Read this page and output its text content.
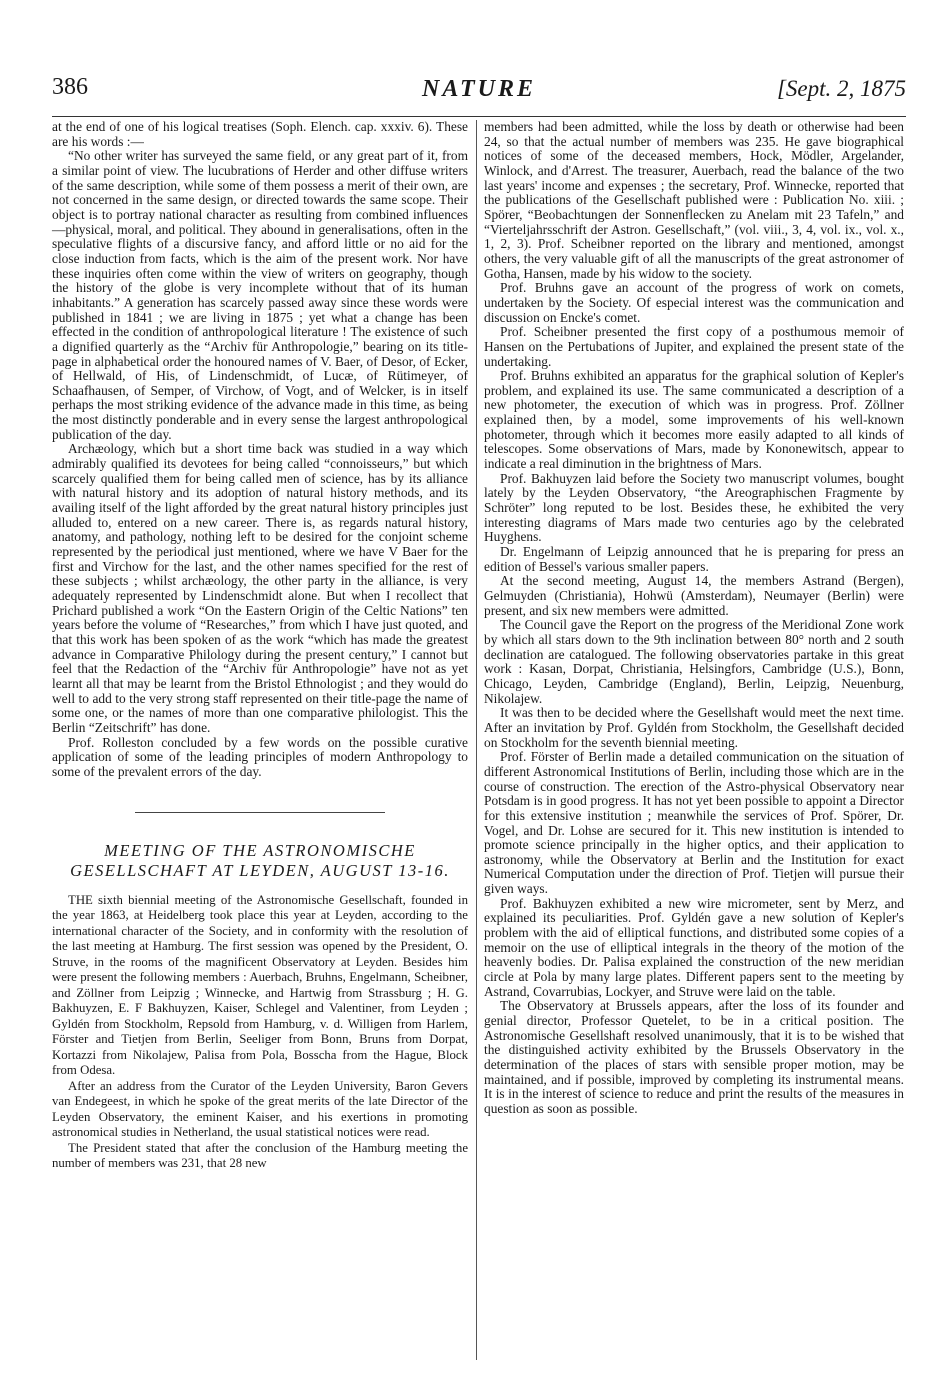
386	NATURE	[Sept. 2, 1875

at the end of one of his logical treatises (Soph. Elench. cap. xxxiv. 6). These are his words :—

“No other writer has surveyed the same field, or any great part of it, from a similar point of view. The lucubrations of Herder and other diffuse writers of the same description, while some of them possess a merit of their own, are not concerned in the same design, or directed towards the same scope. Their object is to portray national character as resulting from combined influences—physical, moral, and political. They abound in generalisations, often in the speculative flights of a discursive fancy, and afford little or no aid for the close induction from facts, which is the aim of the present work. Nor have these inquiries often come within the view of writers on geography, though the history of the globe is very incomplete without that of its human inhabitants.” A generation has scarcely passed away since these words were published in 1841 ; we are living in 1875 ; yet what a change has been effected in the condition of anthropological literature ! The existence of such a dignified quarterly as the “Archiv für Anthropologie,” bearing on its title-page in alphabetical order the honoured names of V. Baer, of Desor, of Ecker, of Hellwald, of His, of Lindenschmidt, of Lucæ, of Rütimeyer, of Schaafhausen, of Semper, of Virchow, of Vogt, and of Welcker, is in itself perhaps the most striking evidence of the advance made in this time, as being the most distinctly ponderable and in every sense the largest anthropological publication of the day.

Archæology, which but a short time back was studied in a way which admirably qualified its devotees for being called “connoisseurs,” but which scarcely qualified them for being called men of science, has by its alliance with natural history and its adoption of natural history methods, and its availing itself of the light afforded by the great natural history principles just alluded to, entered on a new career. There is, as regards natural history, anatomy, and pathology, nothing left to be desired for the conjoint scheme represented by the periodical just mentioned, where we have V Baer for the first and Virchow for the last, and the other names specified for the rest of these subjects ; whilst archæology, the other party in the alliance, is very adequately represented by Lindenschmidt alone. But when I recollect that Prichard published a work “On the Eastern Origin of the Celtic Nations” ten years before the volume of “Researches,” from which I have just quoted, and that this work has been spoken of as the work “which has made the greatest advance in Comparative Philology during the present century,” I cannot but feel that the Redaction of the “Archiv für Anthropologie” have not as yet learnt all that may be learnt from the Bristol Ethnologist ; and they would do well to add to the very strong staff represented on their title-page the name of some one, or the names of more than one comparative philologist. This the Berlin “Zeitschrift” has done.

Prof. Rolleston concluded by a few words on the possible curative application of some of the leading principles of modern Anthropology to some of the prevalent errors of the day.

MEETING OF THE ASTRONOMISCHE GESELLSCHAFT AT LEYDEN, AUGUST 13-16.

THE sixth biennial meeting of the Astronomische Gesellschaft, founded in the year 1863, at Heidelberg took place this year at Leyden, according to the international character of the Society, and in conformity with the resolution of the last meeting at Hamburg. The first session was opened by the President, O. Struve, in the rooms of the magnificent Observatory at Leyden. Besides him were present the following members : Auerbach, Bruhns, Engelmann, Scheibner, and Zöllner from Leipzig ; Winnecke, and Hartwig from Strassburg ; H. G. Bakhuyzen, E. F Bakhuyzen, Kaiser, Schlegel and Valentiner, from Leyden ; Gyldén from Stockholm, Repsold from Hamburg, v. d. Willigen from Harlem, Förster and Tietjen from Berlin, Seeliger from Bonn, Bruns from Dorpat, Kortazzi from Nikolajew, Palisa from Pola, Bosscha from the Hague, Block from Odesa.

After an address from the Curator of the Leyden University, Baron Gevers van Endegeest, in which he spoke of the great merits of the late Director of the Leyden Observatory, the eminent Kaiser, and his exertions in promoting astronomical studies in Netherland, the usual statistical notices were read.

The President stated that after the conclusion of the Hamburg meeting the number of members was 231, that 28 new

members had been admitted, while the loss by death or otherwise had been 24, so that the actual number of members was 235. He gave biographical notices of some of the deceased members, Hock, Mödler, Argelander, Winlock, and d'Arrest. The treasurer, Auerbach, read the balance of the two last years' income and expenses ; the secretary, Prof. Winnecke, reported that the publications of the Gesellschaft published were : Publication No. xiii. ; Spörer, “Beobachtungen der Sonnenflecken zu Anelam mit 23 Tafeln,” and “Vierteljahrsschrift der Astron. Gesellschaft,” (vol. viii., 3, 4, vol. ix., vol. x., 1, 2, 3). Prof. Scheibner reported on the library and mentioned, amongst others, the very valuable gift of all the manuscripts of the great astronomer of Gotha, Hansen, made by his widow to the society.

Prof. Bruhns gave an account of the progress of work on comets, undertaken by the Society. Of especial interest was the communication and discussion on Encke's comet.

Prof. Scheibner presented the first copy of a posthumous memoir of Hansen on the Pertubations of Jupiter, and explained the present state of the undertaking.

Prof. Bruhns exhibited an apparatus for the graphical solution of Kepler's problem, and explained its use. The same communicated a description of a new photometer, the execution of which was in progress. Prof. Zöllner explained then, by a model, some improvements of his well-known photometer, through which it becomes more easily adapted to all kinds of telescopes. Some observations of Mars, made by Kononewitsch, appear to indicate a real diminution in the brightness of Mars.

Prof. Bakhuyzen laid before the Society two manuscript volumes, bought lately by the Leyden Observatory, “the Areographischen Fragmente by Schröter” long reputed to be lost. Besides these, he exhibited the very interesting diagrams of Mars made two centuries ago by the celebrated Huyghens.

Dr. Engelmann of Leipzig announced that he is preparing for press an edition of Bessel's various smaller papers.

At the second meeting, August 14, the members Astrand (Bergen), Gelmuyden (Christiania), Hohwü (Amsterdam), Neumayer (Berlin) were present, and six new members were admitted.

The Council gave the Report on the progress of the Meridional Zone work by which all stars down to the 9th inclination between 80° north and 2 south declination are catalogued. The following observatories partake in this great work : Kasan, Dorpat, Christiania, Helsingfors, Cambridge (U.S.), Bonn, Chicago, Leyden, Cambridge (England), Berlin, Leipzig, Neuenburg, Nikolajew.

It was then to be decided where the Gesellshaft would meet the next time. After an invitation by Prof. Gyldén from Stockholm, the Gesellshaft decided on Stockholm for the seventh biennial meeting.

Prof. Förster of Berlin made a detailed communication on the situation of different Astronomical Institutions of Berlin, including those which are in the course of construction. The erection of the Astro-physical Observatory near Potsdam is in good progress. It has not yet been possible to appoint a Director for this extensive institution ; meanwhile the services of Prof. Spörer, Dr. Vogel, and Dr. Lohse are secured for it. This new institution is intended to promote science principally in the higher optics, and their application to astronomy, while the Observatory at Berlin and the Institution for exact Numerical Computation under the direction of Prof. Tietjen will pursue their given ways.

Prof. Bakhuyzen exhibited a new wire micrometer, sent by Merz, and explained its peculiarities. Prof. Gyldén gave a new solution of Kepler's problem with the aid of elliptical functions, and distributed some copies of a memoir on the use of elliptical integrals in the theory of the motion of the heavenly bodies. Dr. Palisa explained the construction of the new meridian circle at Pola by many large plates. Different papers sent to the meeting by Astrand, Covarrubias, Lockyer, and Struve were laid on the table.

The Observatory at Brussels appears, after the loss of its founder and genial director, Professor Quetelet, to be in a critical position. The Astronomische Gesellshaft resolved unanimously, that it is to be wished that the distinguished activity exhibited by the Brussels Observatory in the determination of the places of stars with sensible proper motion, may be maintained, and if possible, improved by completing its instrumental means. It is in the interest of science to reduce and print the results of the measures in question as soon as possible.
